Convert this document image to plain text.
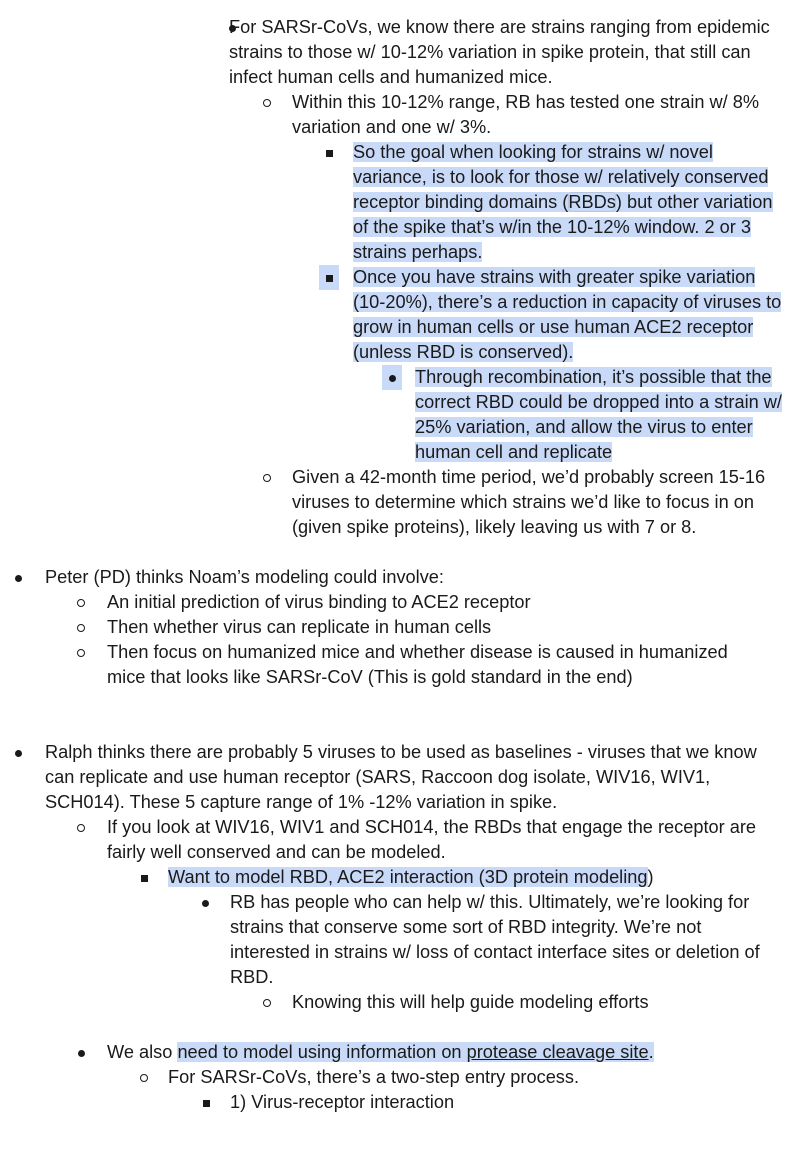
For SARSr-CoVs, we know there are strains ranging from epidemic strains to those w/ 10-12% variation in spike protein, that still can infect human cells and humanized mice.
Within this 10-12% range, RB has tested one strain w/ 8% variation and one w/ 3%.
So the goal when looking for strains w/ novel variance, is to look for those w/ relatively conserved receptor binding domains (RBDs) but other variation of the spike that’s w/in the 10-12% window. 2 or 3 strains perhaps.
Once you have strains with greater spike variation (10-20%), there’s a reduction in capacity of viruses to grow in human cells or use human ACE2 receptor (unless RBD is conserved).
Through recombination, it’s possible that the correct RBD could be dropped into a strain w/ 25% variation, and allow the virus to enter human cell and replicate
Given a 42-month time period, we’d probably screen 15-16 viruses to determine which strains we’d like to focus in on (given spike proteins), likely leaving us with 7 or 8.
Peter (PD) thinks Noam’s modeling could involve:
An initial prediction of virus binding to ACE2 receptor
Then whether virus can replicate in human cells
Then focus on humanized mice and whether disease is caused in humanized mice that looks like SARSr-CoV (This is gold standard in the end)
Ralph thinks there are probably 5 viruses to be used as baselines - viruses that we know can replicate and use human receptor (SARS, Raccoon dog isolate, WIV16, WIV1, SCH014). These 5 capture range of 1% -12% variation in spike.
If you look at WIV16, WIV1 and SCH014, the RBDs that engage the receptor are fairly well conserved and can be modeled.
Want to model RBD, ACE2 interaction (3D protein modeling)
RB has people who can help w/ this. Ultimately, we’re looking for strains that conserve some sort of RBD integrity. We’re not interested in strains w/ loss of contact interface sites or deletion of RBD.
Knowing this will help guide modeling efforts
We also need to model using information on protease cleavage site.
For SARSr-CoVs, there’s a two-step entry process.
1) Virus-receptor interaction
